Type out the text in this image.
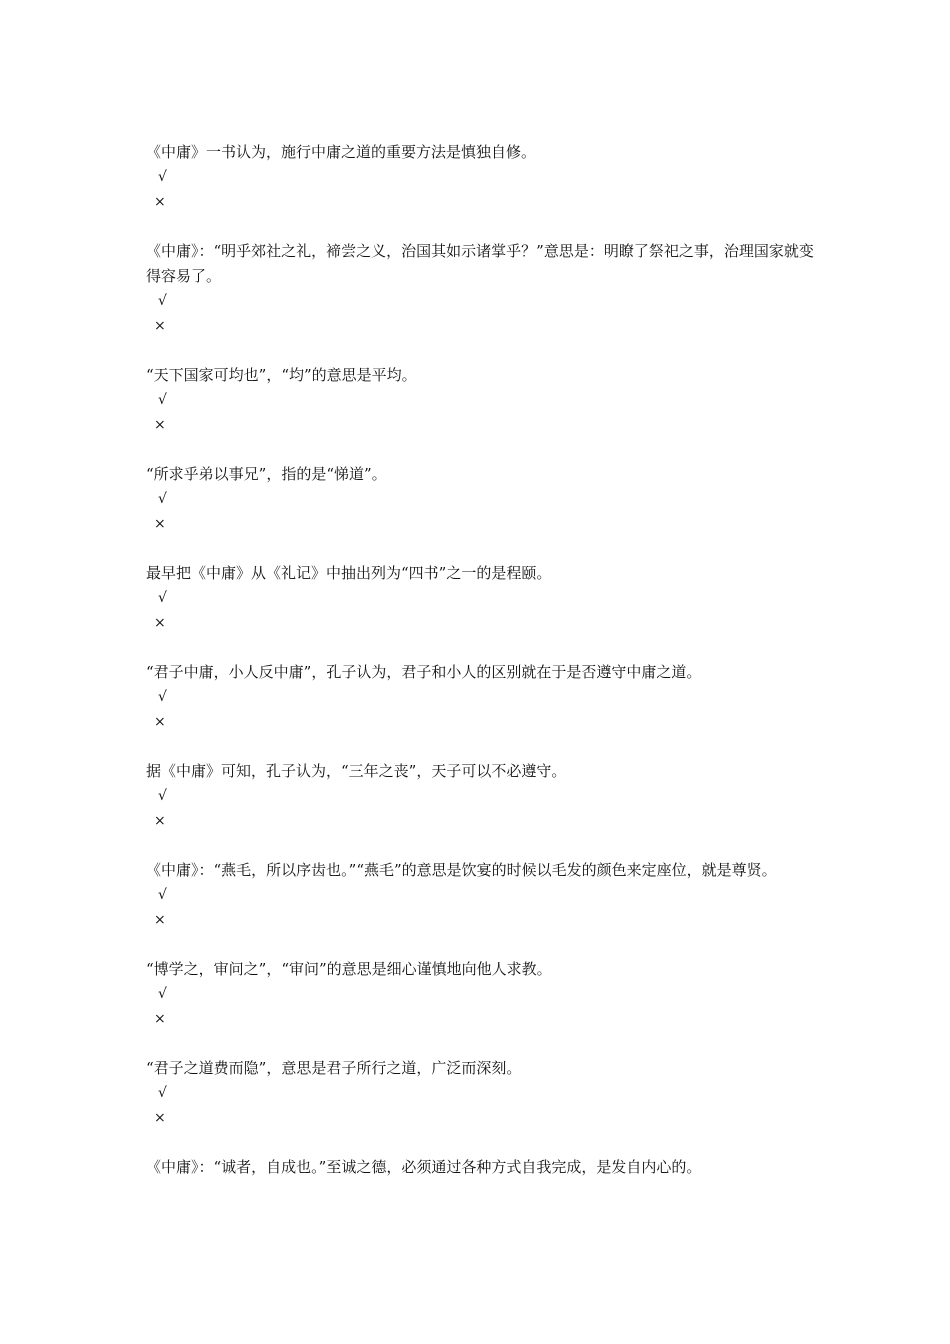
《中庸》一书认为，施行中庸之道的重要方法是慎独自修。

√
×

《中庸》：“明乎郊社之礼，褅尝之义，治国其如示诸掌乎？”意思是：明瞭了祭祀之事，治理国家就变得容易了。

√
×

“天下国家可均也”，“均”的意思是平均。

√
×

“所求乎弟以事兄”，指的是“悌道”。

√
×

最早把《中庸》从《礼记》中抽出列为“四书”之一的是程颐。

√
×

“君子中庸，小人反中庸”，孔子认为，君子和小人的区别就在于是否遵守中庸之道。

√
×

据《中庸》可知，孔子认为，“三年之丧”，天子可以不必遵守。

√
×

《中庸》：“燕毛，所以序齿也。”“燕毛”的意思是饮宴的时候以毛发的颜色来定座位，就是尊贤。

√
×

“博学之，审问之”，“审问”的意思是细心谨慎地向他人求教。

√
×

“君子之道费而隐”，意思是君子所行之道，广泛而深刻。

√
×

《中庸》：“诚者，自成也。”至诚之德，必须通过各种方式自我完成，是发自内心的。
